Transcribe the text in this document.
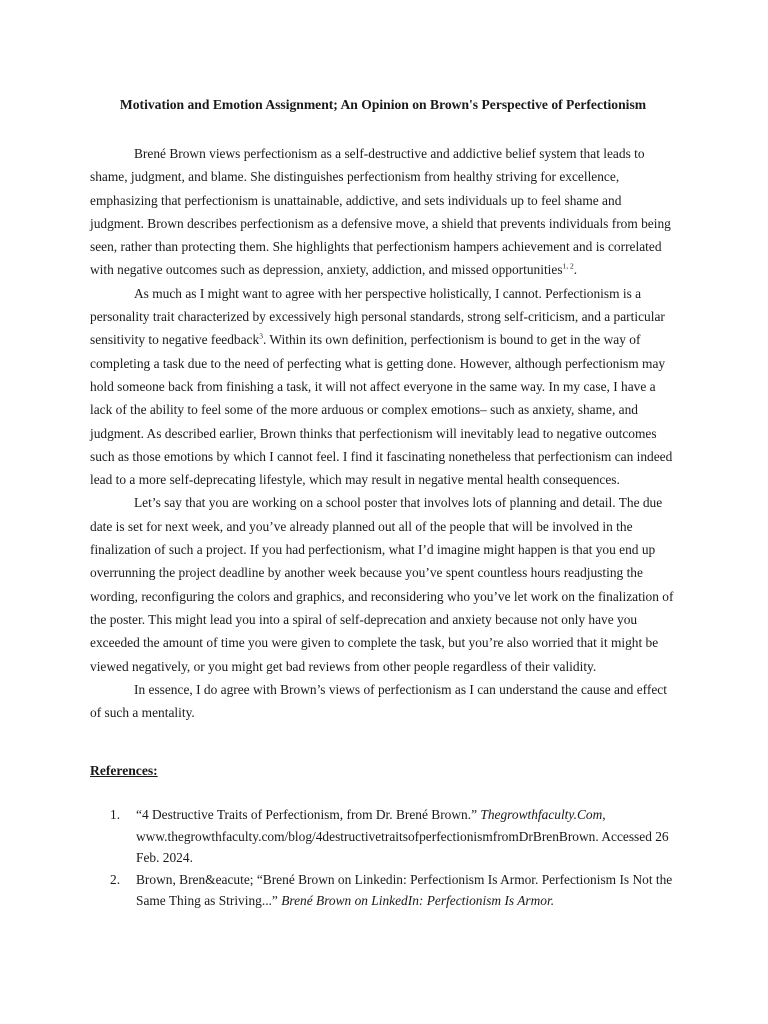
Motivation and Emotion Assignment; An Opinion on Brown's Perspective of Perfectionism

Brené Brown views perfectionism as a self-destructive and addictive belief system that leads to shame, judgment, and blame. She distinguishes perfectionism from healthy striving for excellence, emphasizing that perfectionism is unattainable, addictive, and sets individuals up to feel shame and judgment. Brown describes perfectionism as a defensive move, a shield that prevents individuals from being seen, rather than protecting them. She highlights that perfectionism hampers achievement and is correlated with negative outcomes such as depression, anxiety, addiction, and missed opportunities$^{1, 2}$.

As much as I might want to agree with her perspective holistically, I cannot. Perfectionism is a personality trait characterized by excessively high personal standards, strong self-criticism, and a particular sensitivity to negative feedback$^3$. Within its own definition, perfectionism is bound to get in the way of completing a task due to the need of perfecting what is getting done. However, although perfectionism may hold someone back from finishing a task, it will not affect everyone in the same way. In my case, I have a lack of the ability to feel some of the more arduous or complex emotions– such as anxiety, shame, and judgment. As described earlier, Brown thinks that perfectionism will inevitably lead to negative outcomes such as those emotions by which I cannot feel. I find it fascinating nonetheless that perfectionism can indeed lead to a more self-deprecating lifestyle, which may result in negative mental health consequences.

Let’s say that you are working on a school poster that involves lots of planning and detail. The due date is set for next week, and you’ve already planned out all of the people that will be involved in the finalization of such a project. If you had perfectionism, what I’d imagine might happen is that you end up overrunning the project deadline by another week because you’ve spent countless hours readjusting the wording, reconfiguring the colors and graphics, and reconsidering who you’ve let work on the finalization of the poster. This might lead you into a spiral of self-deprecation and anxiety because not only have you exceeded the amount of time you were given to complete the task, but you’re also worried that it might be viewed negatively, or you might get bad reviews from other people regardless of their validity.

In essence, I do agree with Brown’s views of perfectionism as I can understand the cause and effect of such a mentality.

References:
1.	“4 Destructive Traits of Perfectionism, from Dr. Brené Brown.” Thegrowthfaculty.Com, www.thegrowthfaculty.com/blog/4destructivetraitsofperfectionismfromDrBrenBrown. Accessed 26 Feb. 2024.
2.	Brown, Bren&eacute; “Brené Brown on Linkedin: Perfectionism Is Armor. Perfectionism Is Not the Same Thing as Striving...” Brené Brown on LinkedIn: Perfectionism Is Armor.
